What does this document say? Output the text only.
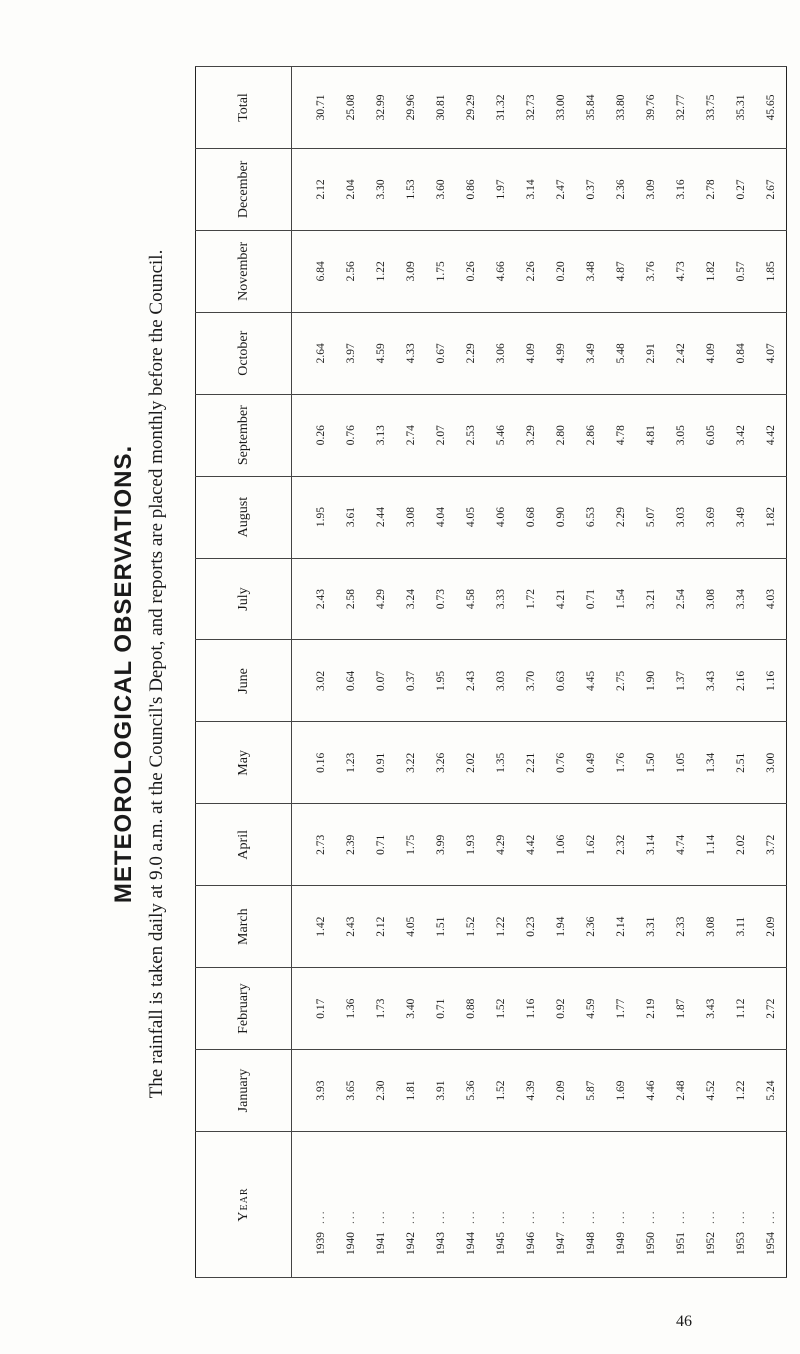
METEOROLOGICAL OBSERVATIONS. The rainfall is taken daily at 9.0 a.m. at the Council's Depot, and reports are placed monthly before the Council.
Year	January	February	March	April	May	June	July	August	September	October	November	December	Total
1939...	3.93	0.17	1.42	2.73	0.16	3.02	2.43	1.95	0.26	2.64	6.84	2.12	30.71
1940...	3.65	1.36	2.43	2.39	1.23	0.64	2.58	3.61	0.76	3.97	2.56	2.04	25.08
1941...	2.30	1.73	2.12	0.71	0.91	0.07	4.29	2.44	3.13	4.59	1.22	3.30	32.99
1942...	1.81	3.40	4.05	1.75	3.22	0.37	3.24	3.08	2.74	4.33	3.09	1.53	29.96
1943...	3.91	0.71	1.51	3.99	3.26	1.95	0.73	4.04	2.07	0.67	1.75	3.60	30.81
1944...	5.36	0.88	1.52	1.93	2.02	2.43	4.58	4.05	2.53	2.29	0.26	0.86	29.29
1945...	1.52	1.52	1.22	4.29	1.35	3.03	3.33	4.06	5.46	3.06	4.66	1.97	31.32
1946...	4.39	1.16	0.23	4.42	2.21	3.70	1.72	0.68	3.29	4.09	2.26	3.14	32.73
1947...	2.09	0.92	1.94	1.06	0.76	0.63	4.21	0.90	2.80	4.99	0.20	2.47	33.00
1948...	5.87	4.59	2.36	1.62	0.49	4.45	0.71	6.53	2.86	3.49	3.48	0.37	35.84
1949...	1.69	1.77	2.14	2.32	1.76	2.75	1.54	2.29	4.78	5.48	4.87	2.36	33.80
1950...	4.46	2.19	3.31	3.14	1.50	1.90	3.21	5.07	4.81	2.91	3.76	3.09	39.76
1951...	2.48	1.87	2.33	4.74	1.05	1.37	2.54	3.03	3.05	2.42	4.73	3.16	32.77
1952...	4.52	3.43	3.08	1.14	1.34	3.43	3.08	3.69	6.05	4.09	1.82	2.78	33.75
1953...	1.22	1.12	3.11	2.02	2.51	2.16	3.34	3.49	3.42	0.84	0.57	0.27	35.31
1954...	5.24	2.72	2.09	3.72	3.00	1.16	4.03	1.82	4.42	4.07	1.85	2.67	45.65
46
